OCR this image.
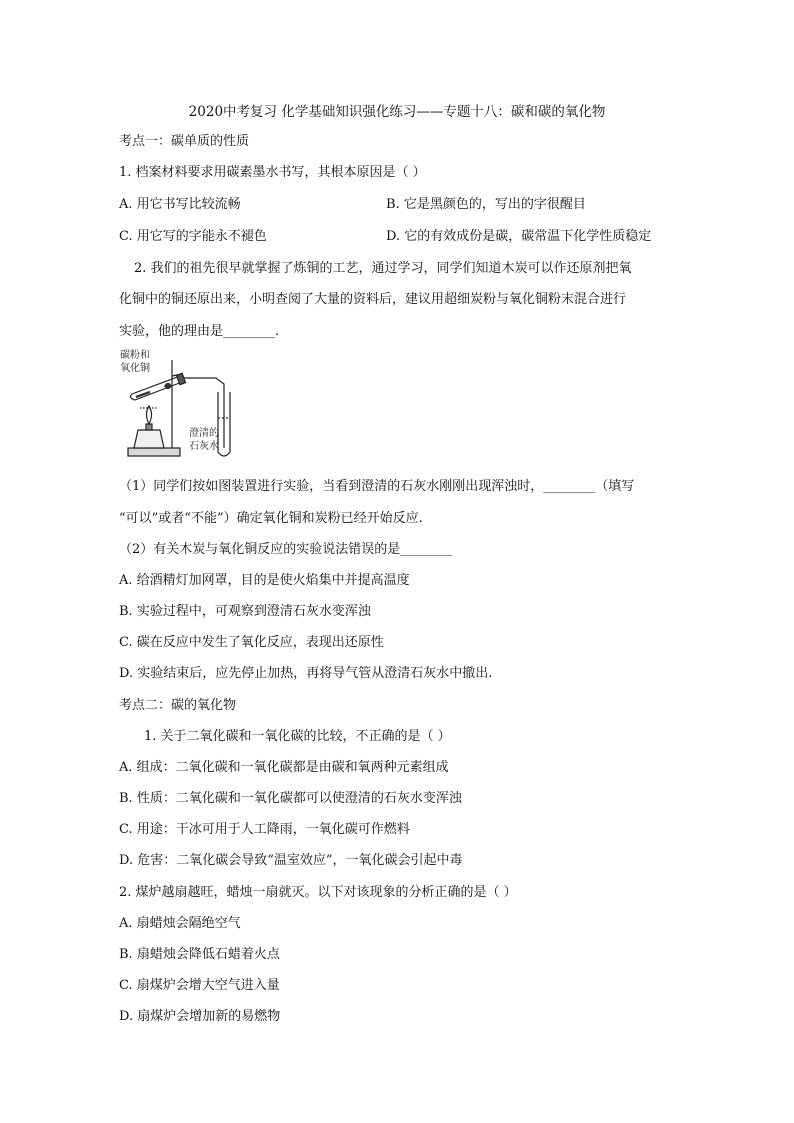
2020中考复习 化学基础知识强化练习——专题十八：碳和碳的氧化物
考点一：碳单质的性质
1. 档案材料要求用碳素墨水书写，其根本原因是（ ）
A. 用它书写比较流畅	B. 它是黑颜色的，写出的字很醒目
C. 用它写的字能永不褪色	D. 它的有效成份是碳，碳常温下化学性质稳定
2. 我们的祖先很早就掌握了炼铜的工艺，通过学习，同学们知道木炭可以作还原剂把氧
化铜中的铜还原出来，小明查阅了大量的资料后，建议用超细炭粉与氧化铜粉末混合进行
实验，他的理由是________.
碳粉和
氧化铜
澄清的
石灰水
（1）同学们按如图装置进行实验，当看到澄清的石灰水刚刚出现浑浊时，________（填写
“可以”或者“不能”）确定氧化铜和炭粉已经开始反应.
（2）有关木炭与氧化铜反应的实验说法错误的是________
A. 给酒精灯加网罩，目的是使火焰集中并提高温度
B. 实验过程中，可观察到澄清石灰水变浑浊
C. 碳在反应中发生了氧化反应，表现出还原性
D. 实验结束后，应先停止加热，再将导气管从澄清石灰水中撤出.
考点二：碳的氧化物
1. 关于二氧化碳和一氧化碳的比较，不正确的是（ ）
A. 组成：二氧化碳和一氧化碳都是由碳和氧两种元素组成
B. 性质：二氧化碳和一氧化碳都可以使澄清的石灰水变浑浊
C. 用途：干冰可用于人工降雨，一氧化碳可作燃料
D. 危害：二氧化碳会导致“温室效应”，一氧化碳会引起中毒
2. 煤炉越扇越旺，蜡烛一扇就灭。以下对该现象的分析正确的是（ ）
A. 扇蜡烛会隔绝空气
B. 扇蜡烛会降低石蜡着火点
C. 扇煤炉会增大空气进入量
D. 扇煤炉会增加新的易燃物
